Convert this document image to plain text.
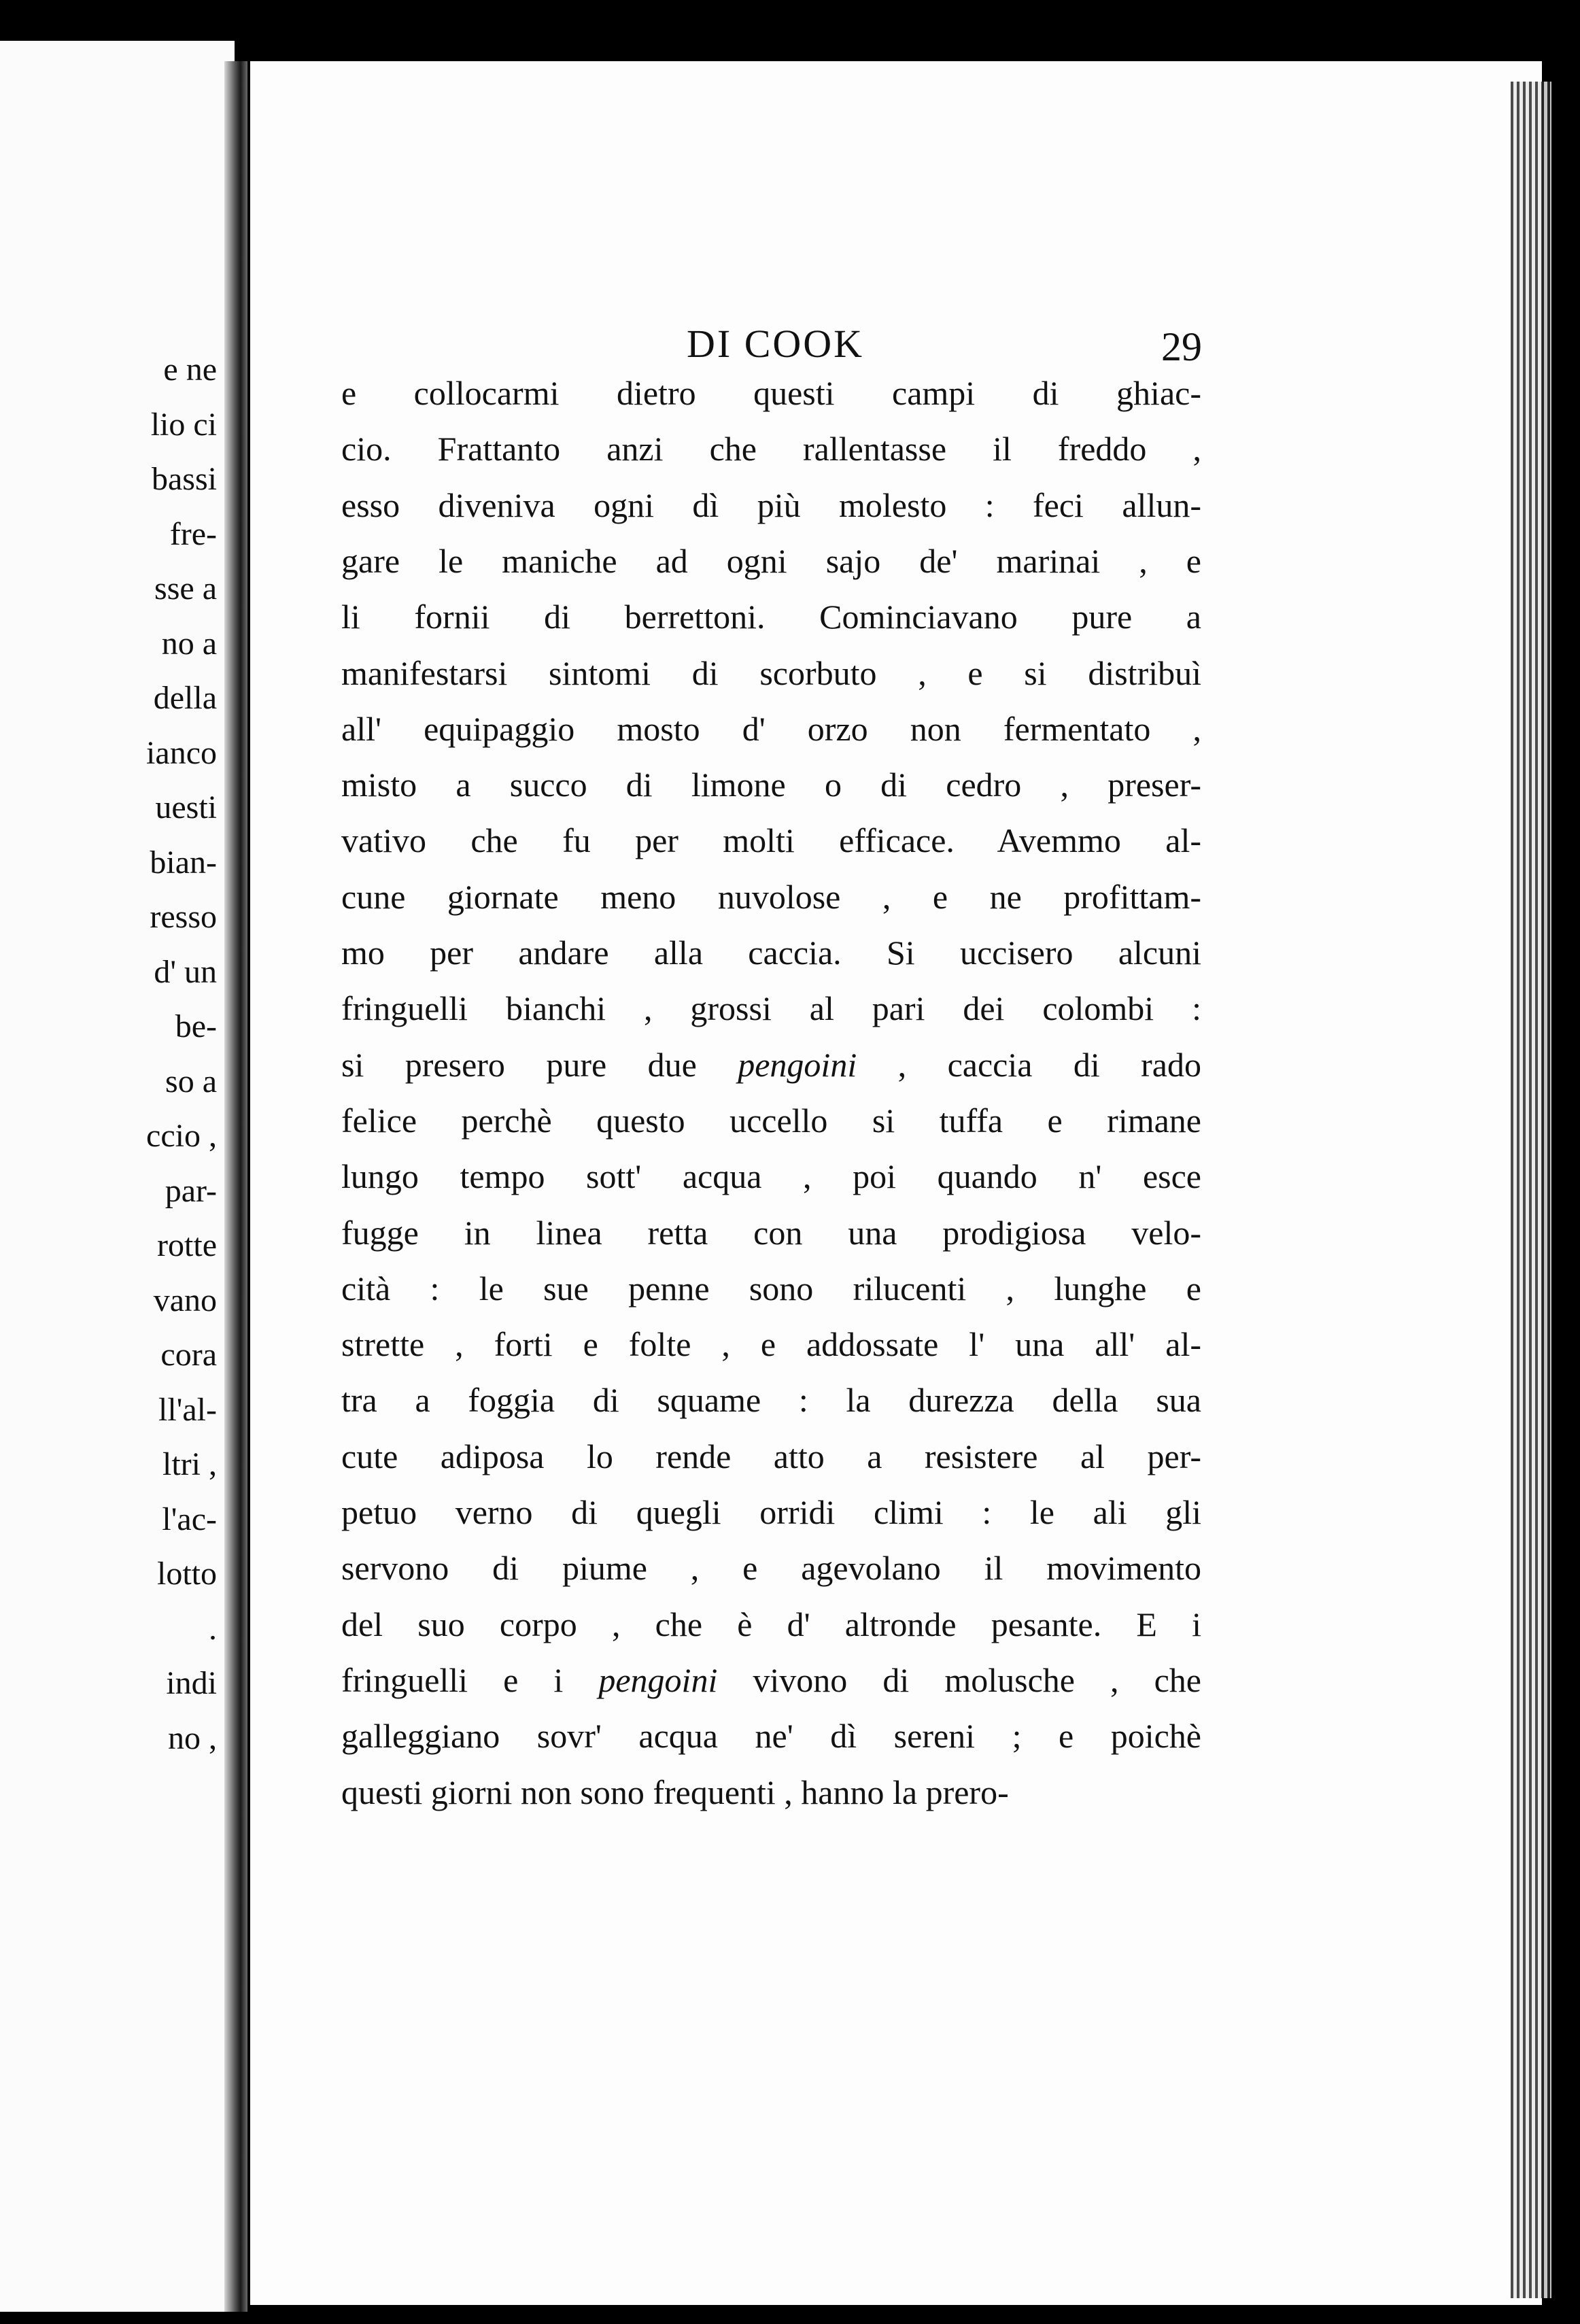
e ne
lio ci
bassi
fre-
sse a
no a
della
ianco
uesti
bian-
resso
d' un
be-
so a
ccio ,
par-
rotte
vano
cora
ll'al-
ltri ,
l'ac-
lotto
.
indi
no ,
DI COOK	29
e collocarmi dietro questi campi di ghiac-
cio. Frattanto anzi che rallentasse il freddo ,
esso diveniva ogni dì più molesto : feci allun-
gare le maniche ad ogni sajo de' marinai , e
li fornii di berrettoni. Cominciavano pure a
manifestarsi sintomi di scorbuto , e si distribuì
all' equipaggio mosto d' orzo non fermentato ,
misto a succo di limone o di cedro , preser-
vativo che fu per molti efficace. Avemmo al-
cune giornate meno nuvolose , e ne profittam-
mo per andare alla caccia. Si uccisero alcuni
fringuelli bianchi , grossi al pari dei colombi :
si presero pure due pengoini , caccia di rado
felice perchè questo uccello si tuffa e rimane
lungo tempo sott' acqua , poi quando n' esce
fugge in linea retta con una prodigiosa velo-
cità : le sue penne sono rilucenti , lunghe e
strette , forti e folte , e addossate l' una all' al-
tra a foggia di squame : la durezza della sua
cute adiposa lo rende atto a resistere al per-
petuo verno di quegli orridi climi : le ali gli
servono di piume , e agevolano il movimento
del suo corpo , che è d' altronde pesante. E i
fringuelli e i pengoini vivono di molusche , che
galleggiano sovr' acqua ne' dì sereni ; e poichè
questi giorni non sono frequenti , hanno la prero-
